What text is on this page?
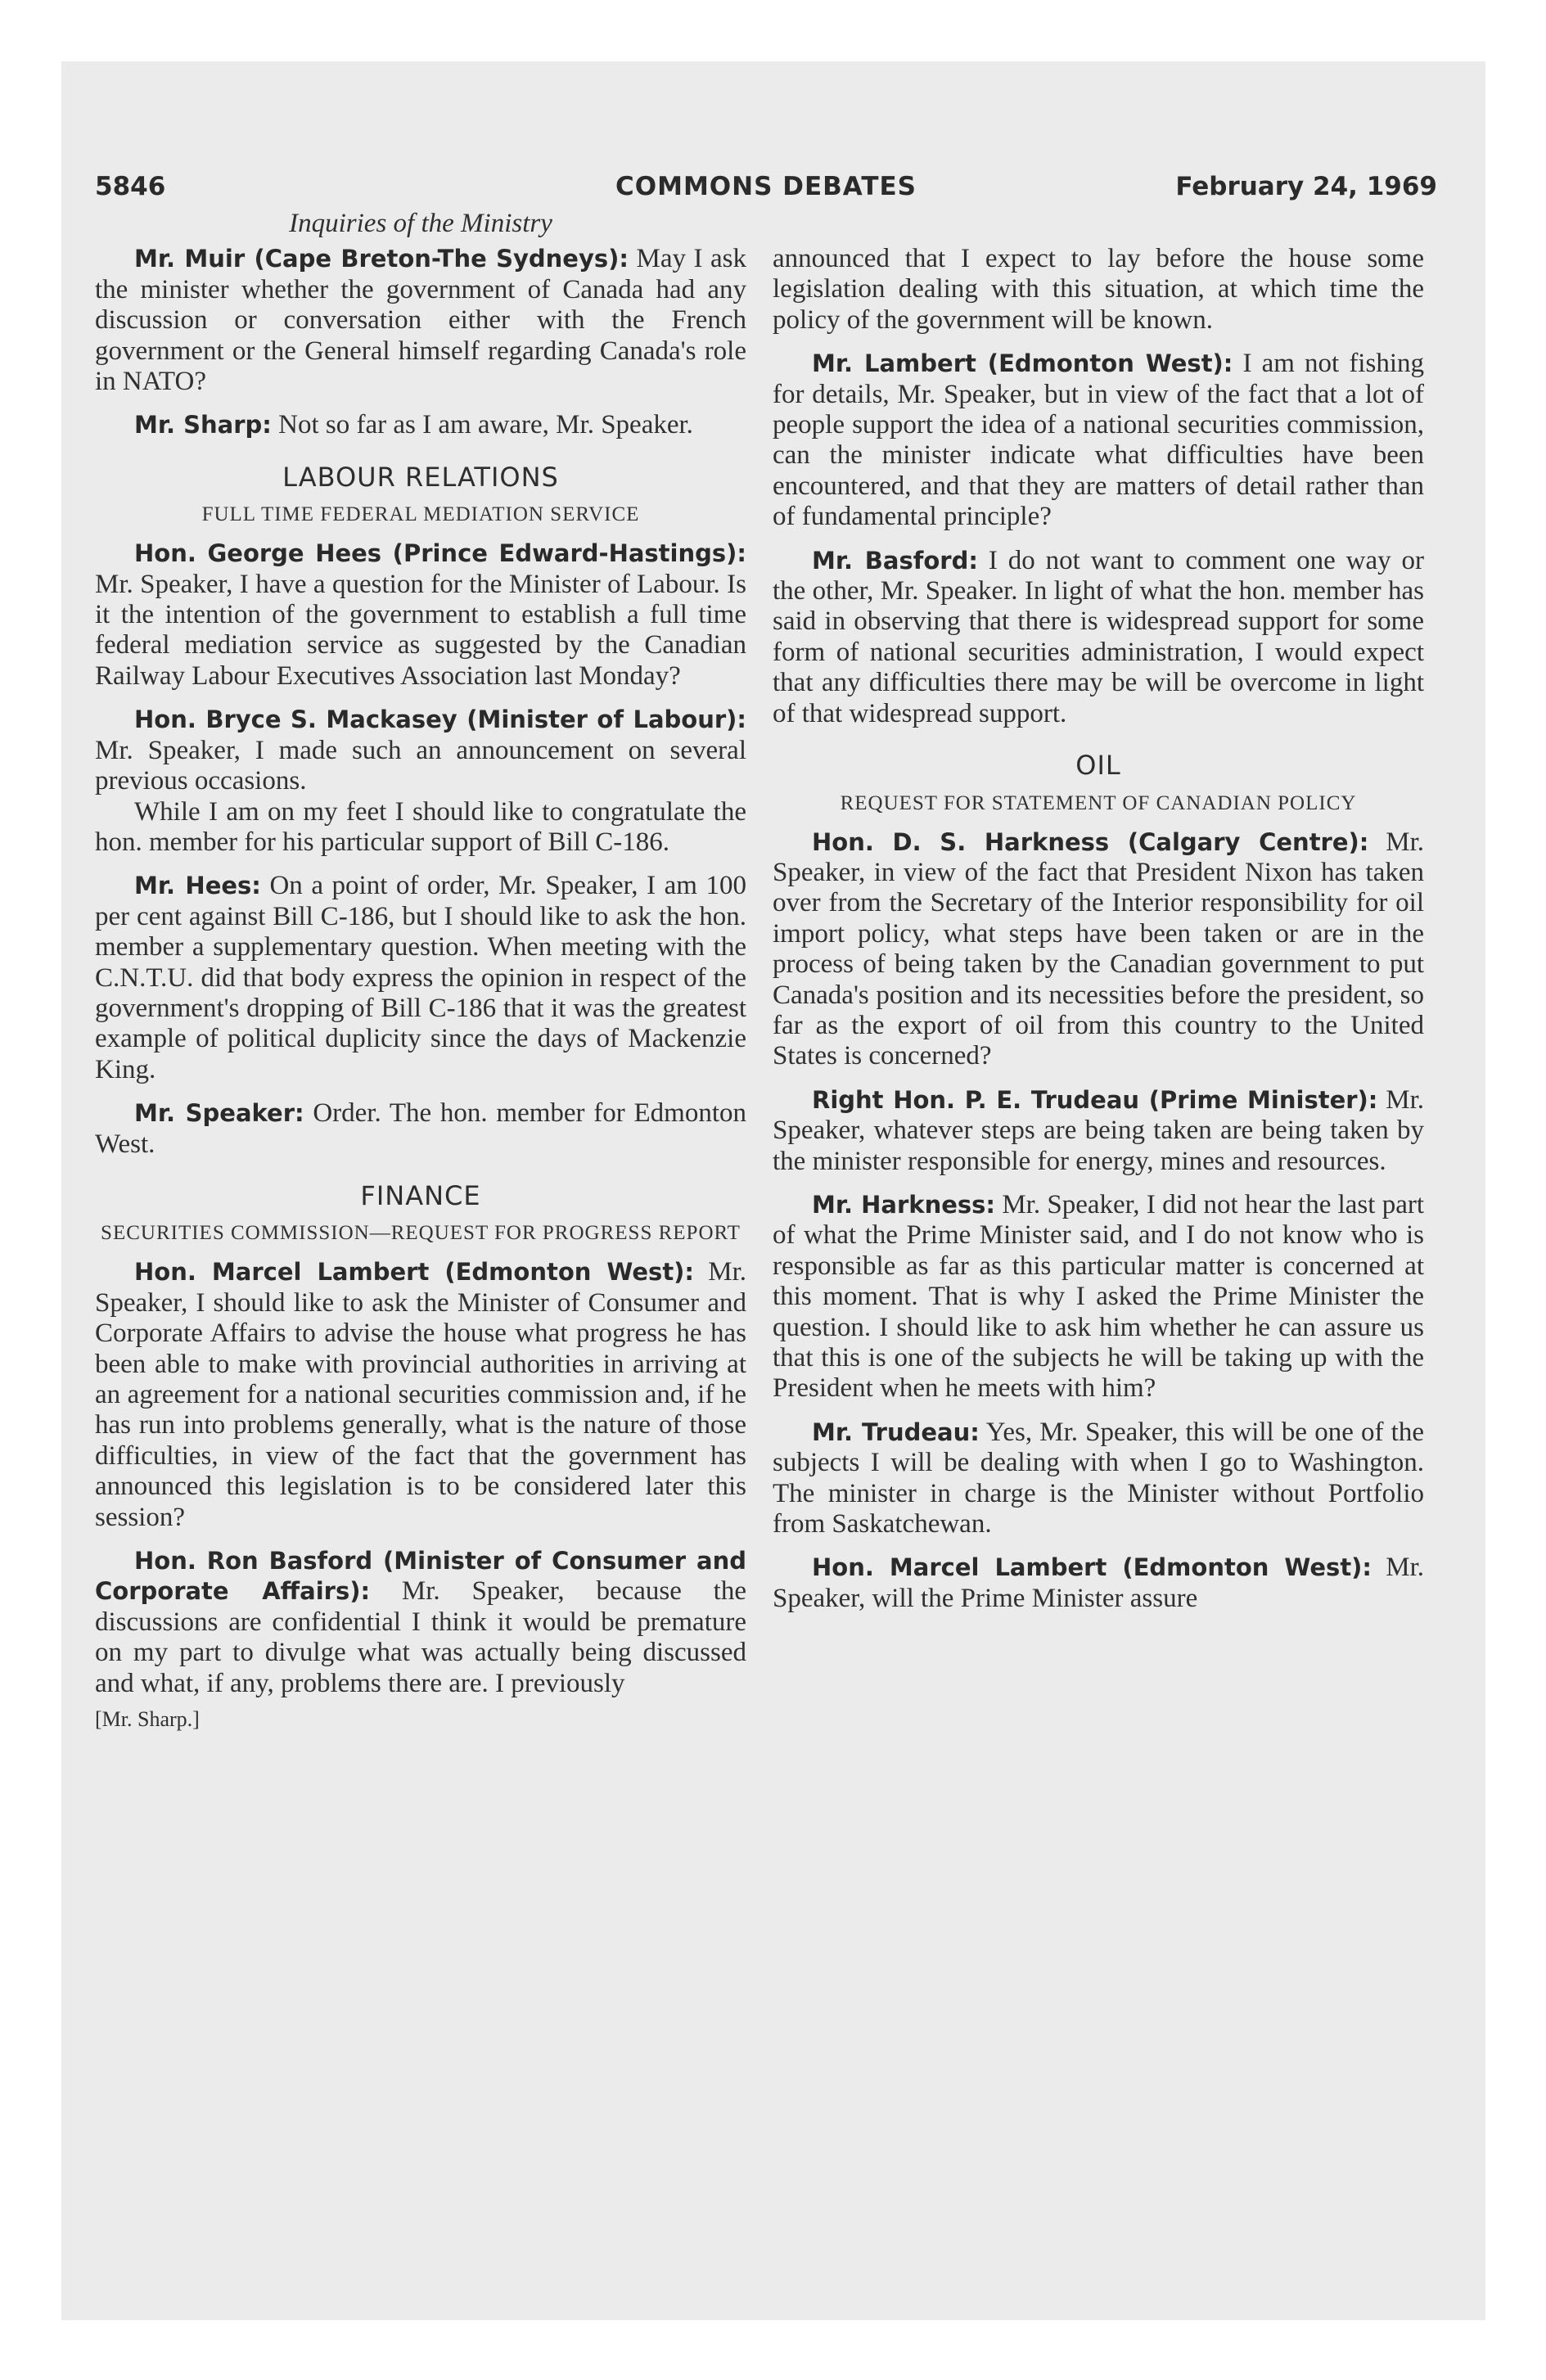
5846	COMMONS DEBATES	February 24, 1969
Inquiries of the Ministry

Mr. Muir (Cape Breton-The Sydneys): May I ask the minister whether the government of Canada had any discussion or conversation either with the French government or the General himself regarding Canada's role in NATO?

Mr. Sharp: Not so far as I am aware, Mr. Speaker.

LABOUR RELATIONS
FULL TIME FEDERAL MEDIATION SERVICE

Hon. George Hees (Prince Edward-Hastings): Mr. Speaker, I have a question for the Minister of Labour. Is it the intention of the government to establish a full time federal mediation service as suggested by the Canadian Railway Labour Executives Association last Monday?

Hon. Bryce S. Mackasey (Minister of Labour): Mr. Speaker, I made such an announcement on several previous occasions.

While I am on my feet I should like to congratulate the hon. member for his particular support of Bill C-186.

Mr. Hees: On a point of order, Mr. Speaker, I am 100 per cent against Bill C-186, but I should like to ask the hon. member a supplementary question. When meeting with the C.N.T.U. did that body express the opinion in respect of the government's dropping of Bill C-186 that it was the greatest example of political duplicity since the days of Mackenzie King.

Mr. Speaker: Order. The hon. member for Edmonton West.

FINANCE
SECURITIES COMMISSION—REQUEST FOR PROGRESS REPORT

Hon. Marcel Lambert (Edmonton West): Mr. Speaker, I should like to ask the Minister of Consumer and Corporate Affairs to advise the house what progress he has been able to make with provincial authorities in arriving at an agreement for a national securities commission and, if he has run into problems generally, what is the nature of those difficulties, in view of the fact that the government has announced this legislation is to be considered later this session?

Hon. Ron Basford (Minister of Consumer and Corporate Affairs): Mr. Speaker, because the discussions are confidential I think it would be premature on my part to divulge what was actually being discussed and what, if any, problems there are. I previously

[Mr. Sharp.]

announced that I expect to lay before the house some legislation dealing with this situation, at which time the policy of the government will be known.

Mr. Lambert (Edmonton West): I am not fishing for details, Mr. Speaker, but in view of the fact that a lot of people support the idea of a national securities commission, can the minister indicate what difficulties have been encountered, and that they are matters of detail rather than of fundamental principle?

Mr. Basford: I do not want to comment one way or the other, Mr. Speaker. In light of what the hon. member has said in observing that there is widespread support for some form of national securities administration, I would expect that any difficulties there may be will be overcome in light of that widespread support.

OIL
REQUEST FOR STATEMENT OF CANADIAN POLICY

Hon. D. S. Harkness (Calgary Centre): Mr. Speaker, in view of the fact that President Nixon has taken over from the Secretary of the Interior responsibility for oil import policy, what steps have been taken or are in the process of being taken by the Canadian government to put Canada's position and its necessities before the president, so far as the export of oil from this country to the United States is concerned?

Right Hon. P. E. Trudeau (Prime Minister): Mr. Speaker, whatever steps are being taken are being taken by the minister responsible for energy, mines and resources.

Mr. Harkness: Mr. Speaker, I did not hear the last part of what the Prime Minister said, and I do not know who is responsible as far as this particular matter is concerned at this moment. That is why I asked the Prime Minister the question. I should like to ask him whether he can assure us that this is one of the subjects he will be taking up with the President when he meets with him?

Mr. Trudeau: Yes, Mr. Speaker, this will be one of the subjects I will be dealing with when I go to Washington. The minister in charge is the Minister without Portfolio from Saskatchewan.

Hon. Marcel Lambert (Edmonton West): Mr. Speaker, will the Prime Minister assure
